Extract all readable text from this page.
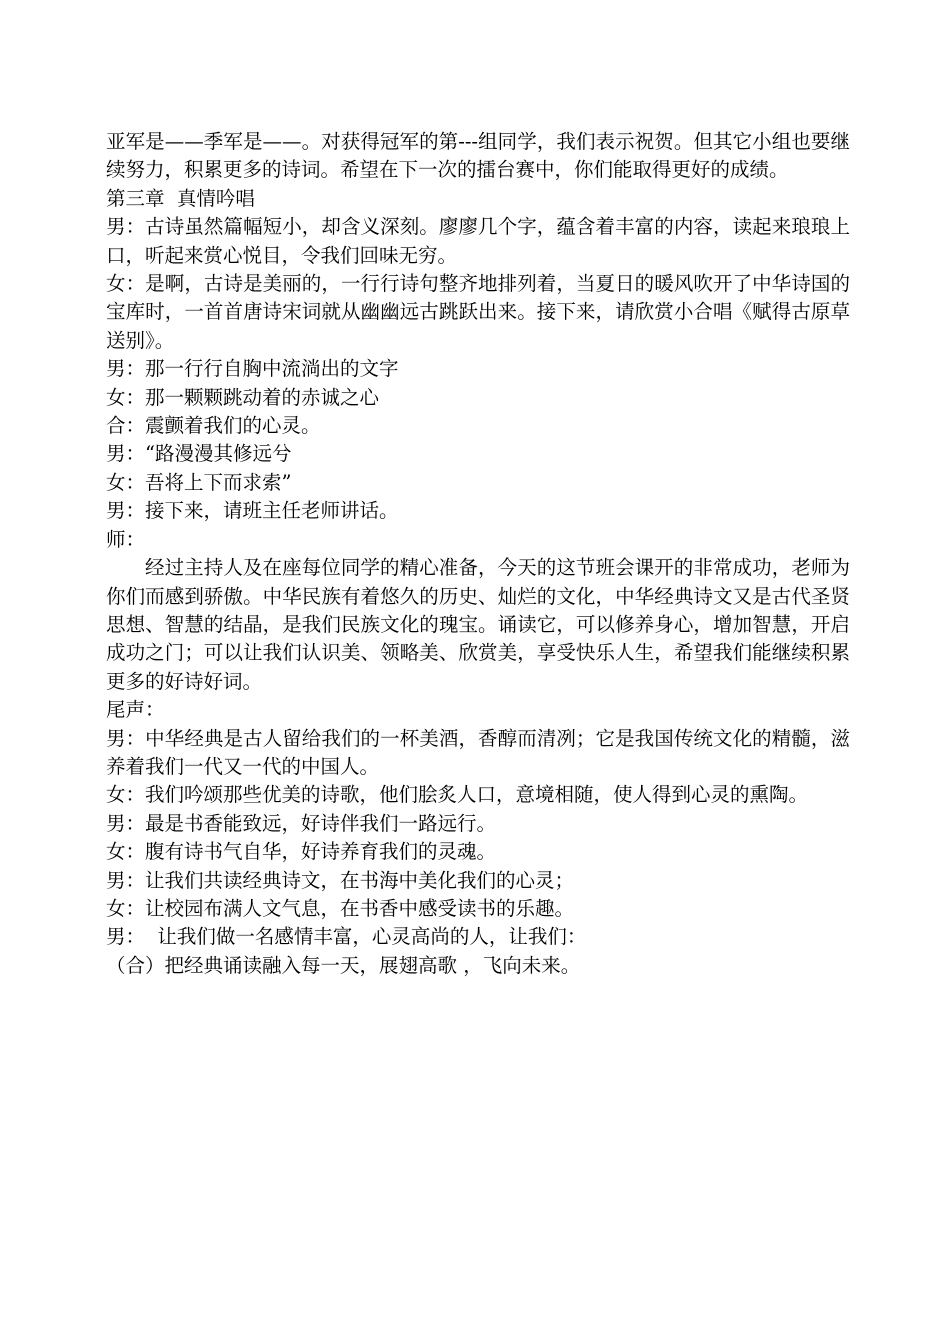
亚军是——季军是——。对获得冠军的第---组同学，我们表示祝贺。但其它小组也要继续努力，积累更多的诗词。希望在下一次的擂台赛中，你们能取得更好的成绩。

第三章  真情吟唱

男：古诗虽然篇幅短小，却含义深刻。廖廖几个字，蕴含着丰富的内容，读起来琅琅上口，听起来赏心悦目，令我们回味无穷。

女：是啊，古诗是美丽的，一行行诗句整齐地排列着，当夏日的暖风吹开了中华诗国的宝库时，一首首唐诗宋词就从幽幽远古跳跃出来。接下来，请欣赏小合唱《赋得古原草送别》。

男：那一行行自胸中流淌出的文字

女：那一颗颗跳动着的赤诚之心

合：震颤着我们的心灵。

男：“路漫漫其修远兮

女：吾将上下而求索”

男：接下来，请班主任老师讲话。

师：

经过主持人及在座每位同学的精心准备，今天的这节班会课开的非常成功，老师为你们而感到骄傲。中华民族有着悠久的历史、灿烂的文化，中华经典诗文又是古代圣贤思想、智慧的结晶，是我们民族文化的瑰宝。诵读它，可以修养身心，增加智慧，开启成功之门；可以让我们认识美、领略美、欣赏美，享受快乐人生，希望我们能继续积累更多的好诗好词。

尾声：

男：中华经典是古人留给我们的一杯美酒，香醇而清冽；它是我国传统文化的精髓，滋养着我们一代又一代的中国人。

女：我们吟颂那些优美的诗歌，他们脍炙人口，意境相随，使人得到心灵的熏陶。

男：最是书香能致远，好诗伴我们一路远行。

女：腹有诗书气自华，好诗养育我们的灵魂。

男：让我们共读经典诗文，在书海中美化我们的心灵；

女：让校园布满人文气息，在书香中感受读书的乐趣。

男：  让我们做一名感情丰富，心灵高尚的人，让我们：

（合）把经典诵读融入每一天，展翅高歌 ，飞向未来。
